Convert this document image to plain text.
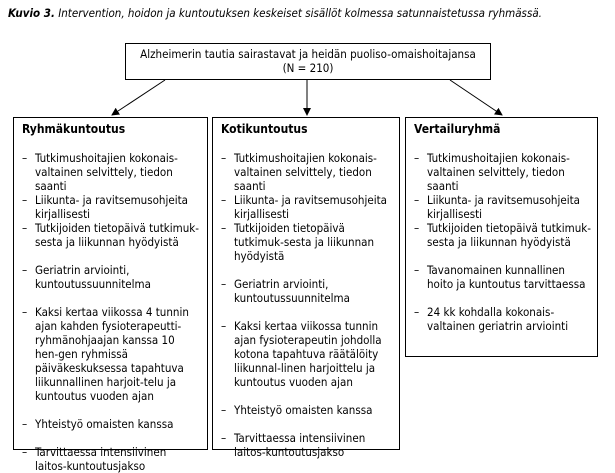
Kuvio 3. Intervention, hoidon ja kuntoutuksen keskeiset sisällöt kolmessa satunnaistetussa ryhmässä.
Alzheimerin tautia sairastavat ja heidän puoliso-omaishoitajansa
(N = 210)
Ryhmäkuntoutus
– Tutkimushoitajien kokonais-valtainen selvittely, tiedon saanti
– Liikunta- ja ravitsemusohjeita kirjallisesti
– Tutkijoiden tietopäivä tutkimuk-sesta ja liikunnan hyödyistä
– Geriatrin arviointi, kuntoutussuunnitelma
– Kaksi kertaa viikossa 4 tunnin ajan kahden fysioterapeutti-ryhmänohjaajan kanssa 10 hen-gen ryhmissä päiväkeskuksessa tapahtuva liikunnallinen harjoit-telu ja kuntoutus vuoden ajan
– Yhteistyö omaisten kanssa
– Tarvittaessa intensiivinen laitos-kuntoutusjakso
Kotikuntoutus
– Tutkimushoitajien kokonais-valtainen selvittely, tiedon saanti
– Liikunta- ja ravitsemusohjeita kirjallisesti
– Tutkijoiden tietopäivä tutkimuk-sesta ja liikunnan hyödyistä
– Geriatrin arviointi, kuntoutussuunnitelma
– Kaksi kertaa viikossa tunnin ajan fysioterapeutin johdolla kotona tapahtuva räätälöity liikunnal-linen harjoittelu ja kuntoutus vuoden ajan
– Yhteistyö omaisten kanssa
– Tarvittaessa intensiivinen laitos-kuntoutusjakso
Vertailuryhmä
– Tutkimushoitajien kokonais-valtainen selvittely, tiedon saanti
– Liikunta- ja ravitsemusohjeita kirjallisesti
– Tutkijoiden tietopäivä tutkimuk-sesta ja liikunnan hyödyistä
– Tavanomainen kunnallinen hoito ja kuntoutus tarvittaessa
– 24 kk kohdalla kokonais-valtainen geriatrin arviointi
